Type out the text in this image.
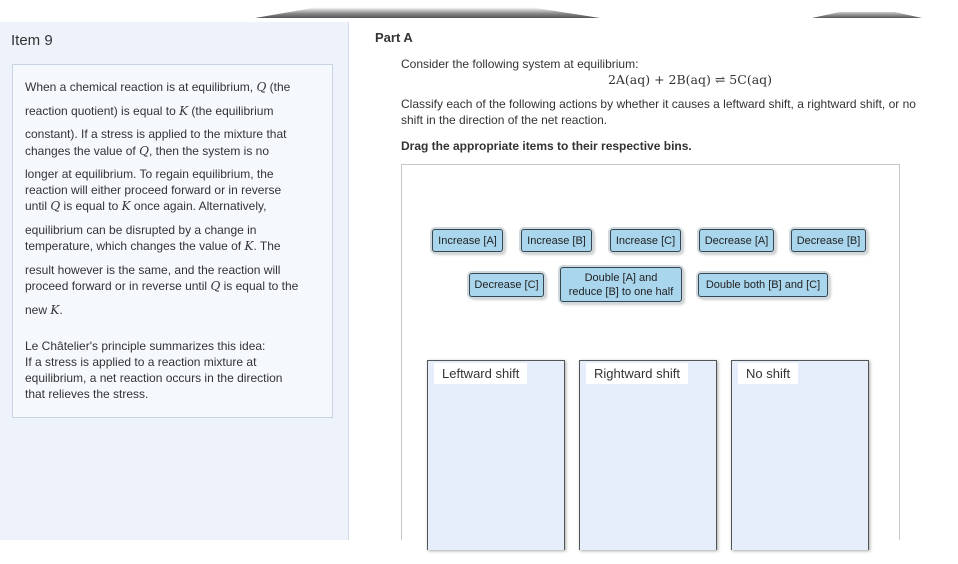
Item 9

When a chemical reaction is at equilibrium, Q (the

reaction quotient) is equal to K (the equilibrium

constant). If a stress is applied to the mixture that

changes the value of Q, then the system is no

longer at equilibrium. To regain equilibrium, the

reaction will either proceed forward or in reverse

until Q is equal to K once again. Alternatively,

equilibrium can be disrupted by a change in

temperature, which changes the value of K. The

result however is the same, and the reaction will

proceed forward or in reverse until Q is equal to the

new K.

Le Châtelier's principle summarizes this idea:

If a stress is applied to a reaction mixture at

equilibrium, a net reaction occurs in the direction

that relieves the stress.

Part A

Consider the following system at equilibrium:

2A(aq) + 2B(aq) ⇌ 5C(aq)

Classify each of the following actions by whether it causes a leftward shift, a rightward shift, or no

shift in the direction of the net reaction.

Drag the appropriate items to their respective bins.

Increase [A]	Increase [B]	Increase [C]	Decrease [A]	Decrease [B]
Decrease [C]
Double [A] and
reduce [B] to one half
Double both [B] and [C]
Leftward shift	Rightward shift	No shift
